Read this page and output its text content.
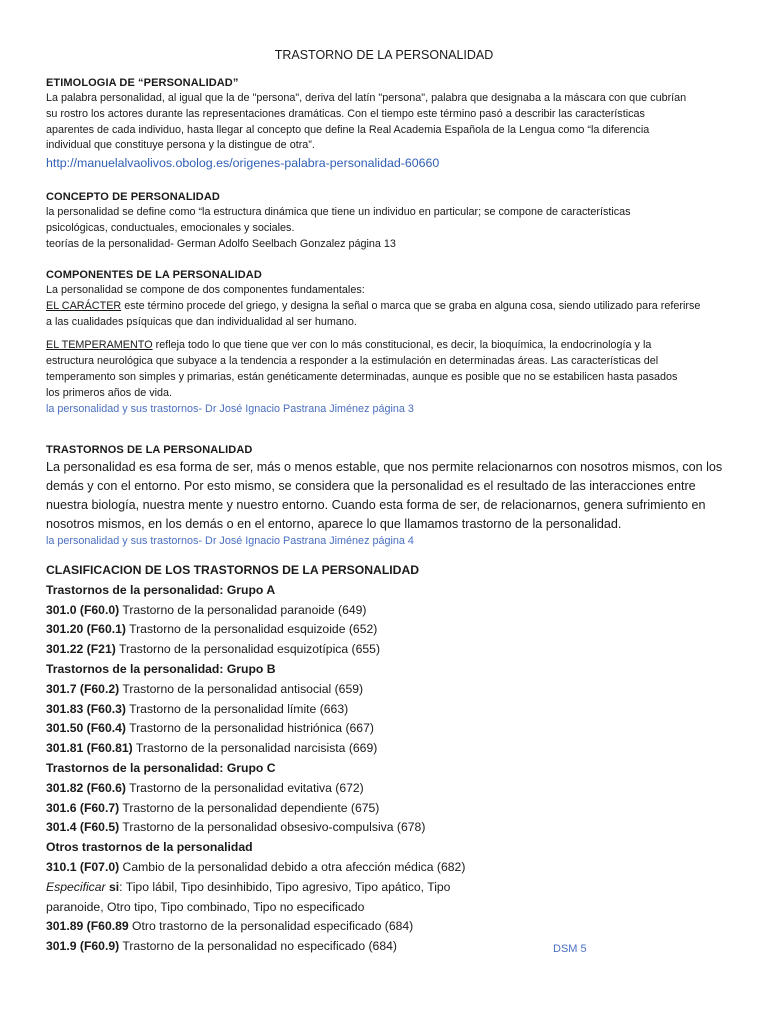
TRASTORNO DE LA PERSONALIDAD
ETIMOLOGIA DE “PERSONALIDAD”
La palabra personalidad, al igual que la de "persona", deriva del latín "persona", palabra que designaba a la máscara con que cubrían
su rostro los actores durante las representaciones dramáticas. Con el tiempo este término pasó a describir las características
aparentes de cada individuo, hasta llegar al concepto que define la Real Academia Española de la Lengua como “la diferencia
individual que constituye persona y la distingue de otra”.
http://manuelalvaolivos.obolog.es/origenes-palabra-personalidad-60660
CONCEPTO DE PERSONALIDAD
la personalidad se define como “la estructura dinámica que tiene un individuo en particular; se compone de características
psicológicas, conductuales, emocionales y sociales.
teorías de la personalidad- German Adolfo Seelbach Gonzalez página 13
COMPONENTES DE LA PERSONALIDAD
La personalidad se compone de dos componentes fundamentales:
EL CARÁCTER este término procede del griego, y designa la señal o marca que se graba en alguna cosa, siendo utilizado para referirse
a las cualidades psíquicas que dan individualidad al ser humano.
EL TEMPERAMENTO refleja todo lo que tiene que ver con lo más constitucional, es decir, la bioquímica, la endocrinología y la
estructura neurológica que subyace a la tendencia a responder a la estimulación en determinadas áreas. Las características del
temperamento son simples y primarias, están genéticamente determinadas, aunque es posible que no se estabilicen hasta pasados
los primeros años de vida.
la personalidad y sus trastornos- Dr José Ignacio Pastrana Jiménez página 3
TRASTORNOS DE LA PERSONALIDAD
La personalidad es esa forma de ser, más o menos estable, que nos permite relacionarnos con nosotros mismos, con los
demás y con el entorno. Por esto mismo, se considera que la personalidad es el resultado de las interacciones entre
nuestra biología, nuestra mente y nuestro entorno. Cuando esta forma de ser, de relacionarnos, genera sufrimiento en
nosotros mismos, en los demás o en el entorno, aparece lo que llamamos trastorno de la personalidad.
la personalidad y sus trastornos- Dr José Ignacio Pastrana Jiménez página 4
CLASIFICACION DE LOS TRASTORNOS DE LA PERSONALIDAD
Trastornos de la personalidad: Grupo A
301.0 (F60.0) Trastorno de la personalidad paranoide (649)
301.20 (F60.1) Trastorno de la personalidad esquizoide (652)
301.22 (F21) Trastorno de la personalidad esquizotípica (655)
Trastornos de la personalidad: Grupo B
301.7 (F60.2) Trastorno de la personalidad antisocial (659)
301.83 (F60.3) Trastorno de la personalidad límite (663)
301.50 (F60.4) Trastorno de la personalidad histriónica (667)
301.81 (F60.81) Trastorno de la personalidad narcisista (669)
Trastornos de la personalidad: Grupo C
301.82 (F60.6) Trastorno de la personalidad evitativa (672)
301.6 (F60.7) Trastorno de la personalidad dependiente (675)
301.4 (F60.5) Trastorno de la personalidad obsesivo-compulsiva (678)
Otros trastornos de la personalidad
310.1 (F07.0) Cambio de la personalidad debido a otra afección médica (682)
Especificar si: Tipo lábil, Tipo desinhibido, Tipo agresivo, Tipo apático, Tipo
paranoide, Otro tipo, Tipo combinado, Tipo no especificado
301.89 (F60.89 Otro trastorno de la personalidad especificado (684)
301.9 (F60.9) Trastorno de la personalidad no especificado (684)	DSM 5
